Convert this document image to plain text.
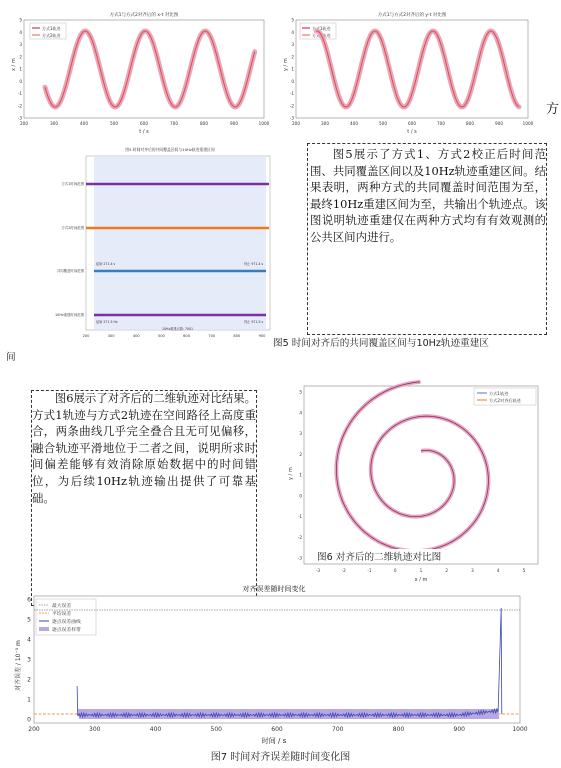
方式1与方式2对齐后的 x-t 对比图
方式1轨迹
方式2轨迹
x / m
t / s
200	300	400	500	600	700	800	900	1000
-3
-2
-1
0
1
2
3
4
5
方式1与方式2对齐后的 y-t 对比图
方式1轨迹
方式2轨迹
y / m
t / s
200	300	400	500	600	700	800	900	1000
-3
-2
-1
0
1
2
3
4
5
方
图5 时间对齐后的共同覆盖区间与10Hz轨迹重建区间
方式1时间范围
方式2时间范围
共同覆盖时间范围
10Hz重建时间范围
起始 271.4 s	终止 971.4 s
起始 271.5 Hz	终止 971.5 s
10Hz重建点数: 7001
200	300	400	500	600	700	800	900
图5展示了方式1、方式2校正后时间范围、共同覆盖区间以及10Hz轨迹重建区间。结果表明，两种方式的共同覆盖时间范围为至，最终10Hz重建区间为至，共输出个轨迹点。该图说明轨迹重建仅在两种方式均有有效观测的公共区间内进行。
图5 时间对齐后的共同覆盖区间与10Hz轨迹重建区
间
图6展示了对齐后的二维轨迹对比结果。方式1轨迹与方式2轨迹在空间路径上高度重合，两条曲线几乎完全叠合且无可见偏移，融合轨迹平滑地位于二者之间，说明所求时间偏差能够有效消除原始数据中的时间错位，为后续10Hz轨迹输出提供了可靠基础。
方式1轨迹
方式2对齐后轨迹
y / m
x / m
-3	-2	-1	0	1	2	3	4	5
-3
-2
-1
0
1
2
3
4
5
图6 对齐后的二维轨迹对比图
对齐误差随时间变化
最大误差
平均误差
逐点误差曲线
逐点误差样带
对齐误差 / 10⁻³ m
时间 / s
200	300	400	500	600	700	800	900	1000
0
1
2
3
4
5
6
图7 时间对齐误差随时间变化图
